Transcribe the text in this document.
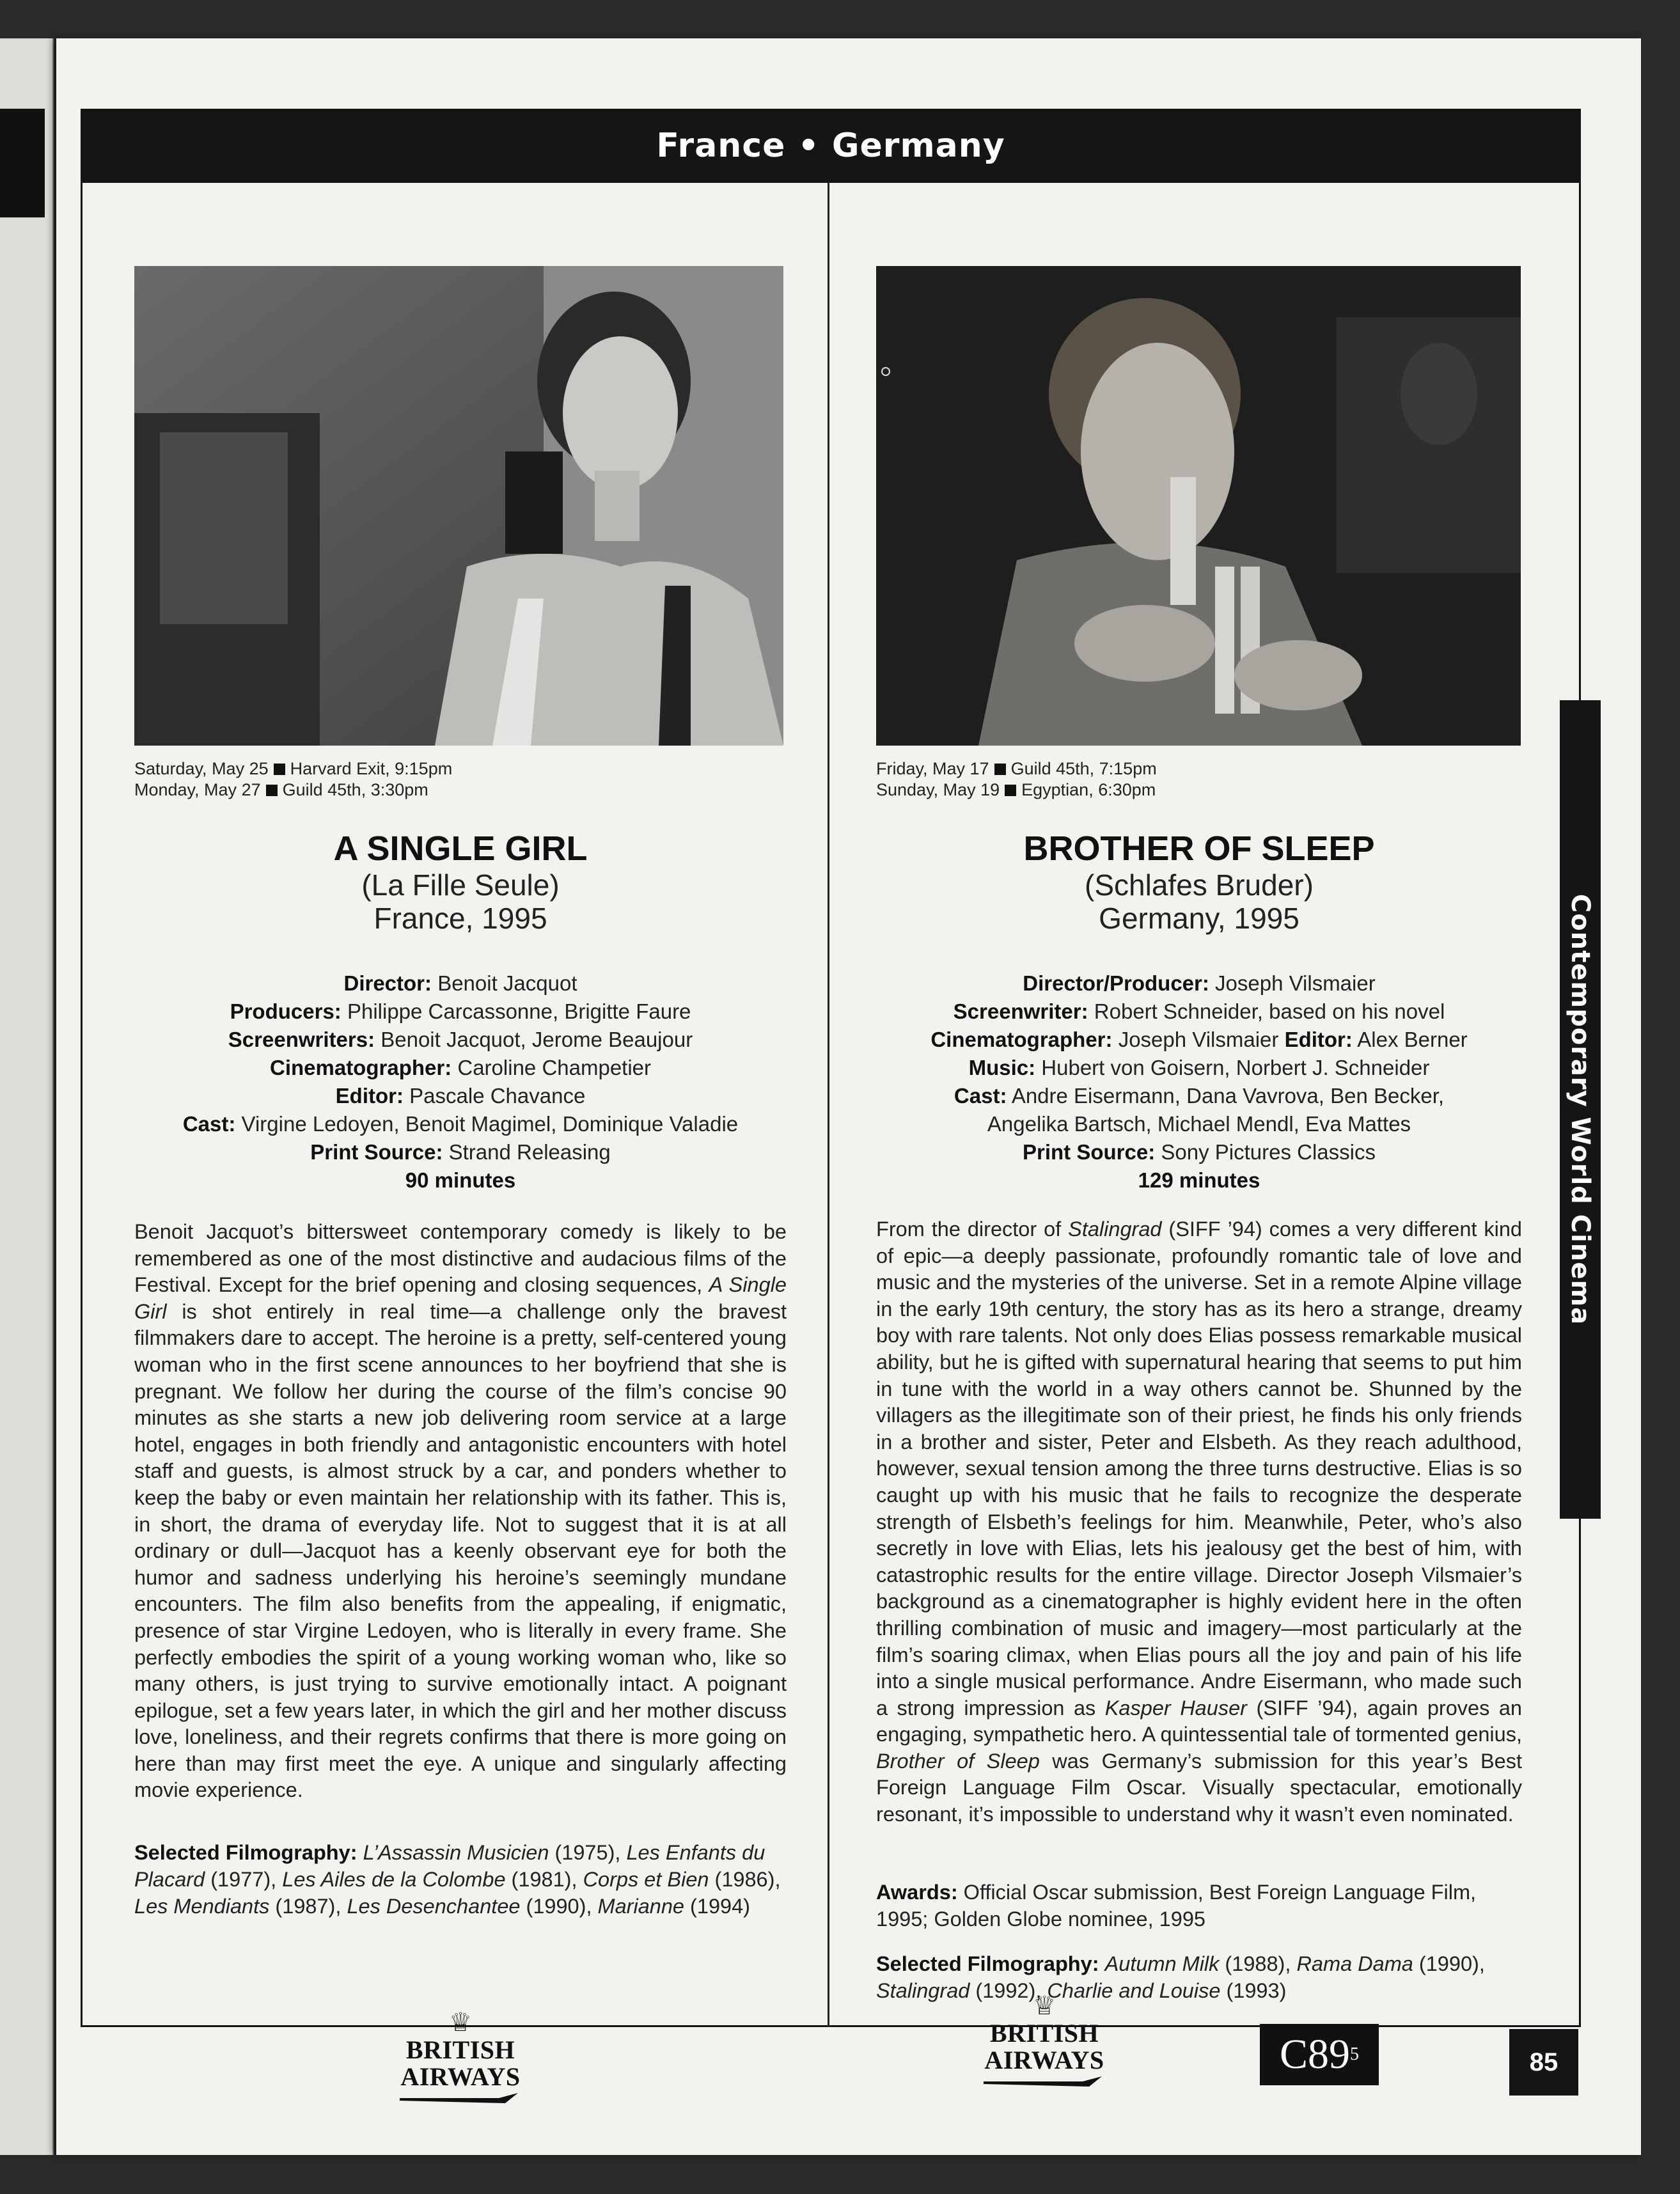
France • Germany
Saturday, May 25 Harvard Exit, 9:15pm
Monday, May 27 Guild 45th, 3:30pm

A SINGLE GIRL

(La Fille Seule)

France, 1995

Director: Benoit Jacquot
Producers: Philippe Carcassonne, Brigitte Faure
Screenwriters: Benoit Jacquot, Jerome Beaujour
Cinematographer: Caroline Champetier
Editor: Pascale Chavance
Cast: Virgine Ledoyen, Benoit Magimel, Dominique Valadie
Print Source: Strand Releasing
90 minutes
Benoit Jacquot’s bittersweet contemporary comedy is likely to be remembered as one of the most distinctive and audacious films of the Festival. Except for the brief opening and closing sequences, A Single Girl is shot entirely in real time—a challenge only the bravest filmmakers dare to accept. The heroine is a pretty, self-centered young woman who in the first scene announces to her boyfriend that she is pregnant. We follow her during the course of the film’s concise 90 minutes as she starts a new job delivering room service at a large hotel, engages in both friendly and antagonistic encounters with hotel staff and guests, is almost struck by a car, and ponders whether to keep the baby or even maintain her relationship with its father. This is, in short, the drama of everyday life. Not to suggest that it is at all ordinary or dull—Jacquot has a keenly observant eye for both the humor and sadness underlying his heroine’s seemingly mundane encounters. The film also benefits from the appealing, if enigmatic, presence of star Virgine Ledoyen, who is literally in every frame. She perfectly embodies the spirit of a young working woman who, like so many others, is just trying to survive emotionally intact. A poignant epilogue, set a few years later, in which the girl and her mother discuss love, loneliness, and their regrets confirms that there is more going on here than may first meet the eye. A unique and singularly affecting movie experience.
Selected Filmography: L’Assassin Musicien (1975), Les Enfants du Placard (1977), Les Ailes de la Colombe (1981), Corps et Bien (1986), Les Mendiants (1987), Les Desenchantee (1990), Marianne (1994)
♕
BRITISH
AIRWAYS
Friday, May 17 Guild 45th, 7:15pm
Sunday, May 19 Egyptian, 6:30pm

BROTHER OF SLEEP

(Schlafes Bruder)

Germany, 1995

Director/Producer: Joseph Vilsmaier
Screenwriter: Robert Schneider, based on his novel
Cinematographer: Joseph Vilsmaier Editor: Alex Berner
Music: Hubert von Goisern, Norbert J. Schneider
Cast: Andre Eisermann, Dana Vavrova, Ben Becker,
Angelika Bartsch, Michael Mendl, Eva Mattes
Print Source: Sony Pictures Classics
129 minutes
From the director of Stalingrad (SIFF ’94) comes a very different kind of epic—a deeply passionate, profoundly romantic tale of love and music and the mysteries of the universe. Set in a remote Alpine village in the early 19th century, the story has as its hero a strange, dreamy boy with rare talents. Not only does Elias possess remarkable musical ability, but he is gifted with supernatural hearing that seems to put him in tune with the world in a way others cannot be. Shunned by the villagers as the illegitimate son of their priest, he finds his only friends in a brother and sister, Peter and Elsbeth. As they reach adulthood, however, sexual tension among the three turns destructive. Elias is so caught up with his music that he fails to recognize the desperate strength of Elsbeth’s feelings for him. Meanwhile, Peter, who’s also secretly in love with Elias, lets his jealousy get the best of him, with catastrophic results for the entire village. Director Joseph Vilsmaier’s background as a cinematographer is highly evident here in the often thrilling combination of music and imagery—most particularly at the film’s soaring climax, when Elias pours all the joy and pain of his life into a single musical performance. Andre Eisermann, who made such a strong impression as Kasper Hauser (SIFF ’94), again proves an engaging, sympathetic hero. A quintessential tale of tormented genius, Brother of Sleep was Germany’s submission for this year’s Best Foreign Language Film Oscar. Visually spectacular, emotionally resonant, it’s impossible to understand why it wasn’t even nominated.
Awards: Official Oscar submission, Best Foreign Language Film, 1995; Golden Globe nominee, 1995
Selected Filmography: Autumn Milk (1988), Rama Dama (1990), Stalingrad (1992), Charlie and Louise (1993)
♕
BRITISH
AIRWAYS	C89 5
Contemporary World Cinema
85
